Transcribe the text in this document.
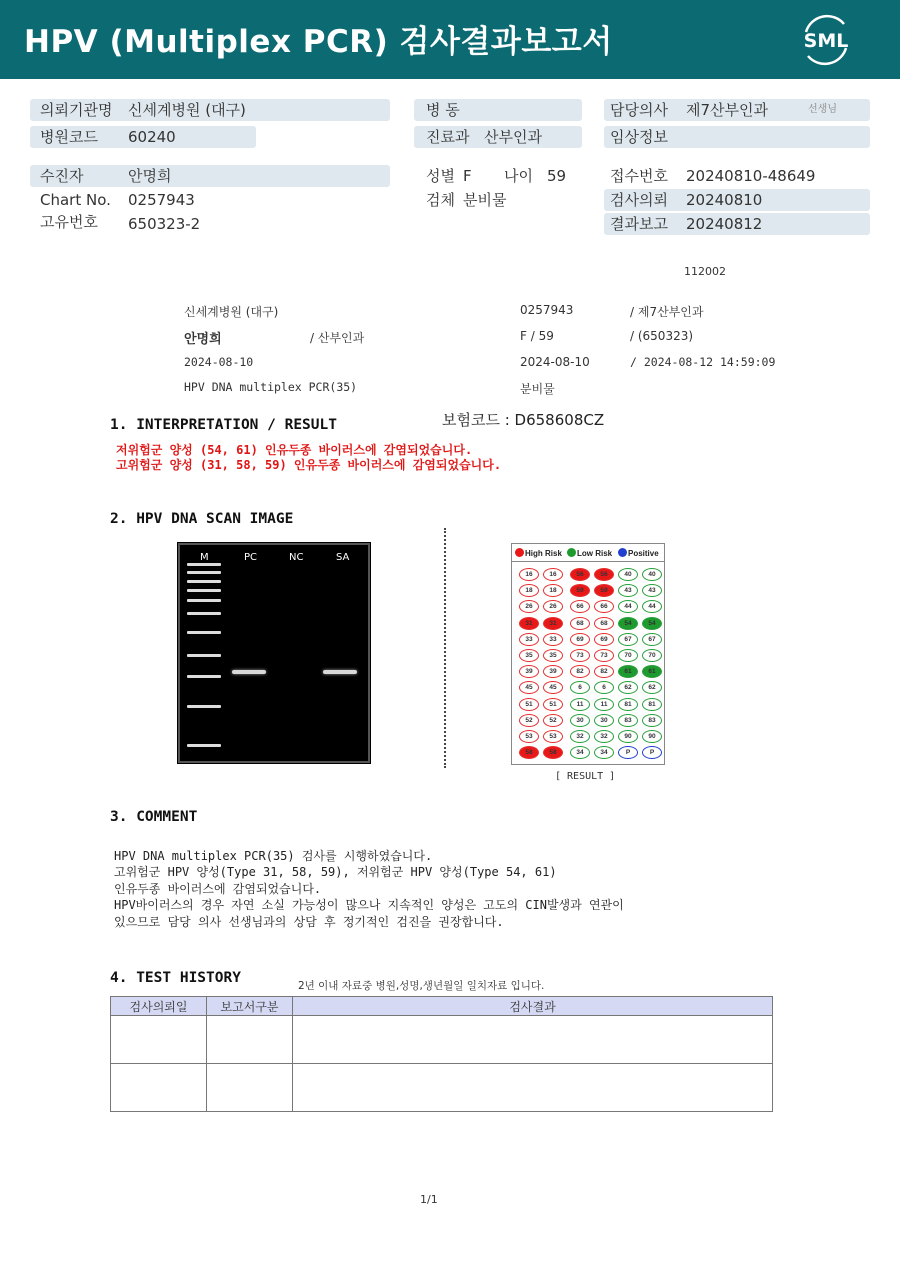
HPV (Multiplex PCR) 검사결과보고서	SML
의뢰기관명 신세계병원 (대구)
병원코드 60240
병 동
진료과 산부인과
담당의사 제7산부인과	선생님
임상정보
수진자	안명희
Chart No. 0257943
고유번호 650323-2
성별 F 나이 59
검체 분비물
접수번호 20240810-48649
검사의뢰 20240810
결과보고 20240812
112002
신세계병원 (대구)
안명희	/ 산부인과
2024-08-10
HPV DNA multiplex PCR(35)
0257943	/ 제7산부인과
F / 59	/ (650323)
2024-08-10	/ 2024-08-12 14:59:09
분비물
1. INTERPRETATION / RESULT	보험코드 : D658608CZ
저위험군 양성 (54, 61) 인유두종 바이러스에 감염되었습니다.
고위험군 양성 (31, 58, 59) 인유두종 바이러스에 감염되었습니다.
2. HPV DNA SCAN IMAGE
M	PC	NC	SA	High Risk	Low Risk	Positive
16	16	56	56	40	40
18	18	59	59	43	43
26	26	66	66	44	44
31	31	68	68	54	54
33	33	69	69	67	67
35	35	73	73	70	70
39	39	82	82	61	61
45	45	6	6	62	62
51	51	11	11	81	81
52	52	30	30	83	83
53	53	32	32	90	90
58	58	34	34	P	P
[ RESULT ]
3. COMMENT
HPV DNA multiplex PCR(35) 검사를 시행하였습니다.
고위험군 HPV 양성(Type 31, 58, 59), 저위험군 HPV 양성(Type 54, 61)
인유두종 바이러스에 감염되었습니다.
HPV바이러스의 경우 자연 소실 가능성이 많으나 지속적인 양성은 고도의 CIN발생과 연관이
있으므로 담당 의사 선생님과의 상담 후 정기적인 검진을 권장합니다.
4. TEST HISTORY	2년 이내 자료중 병원,성명,생년월일 일치자료 입니다.
검사의뢰일	보고서구분	검사결과

1/1
